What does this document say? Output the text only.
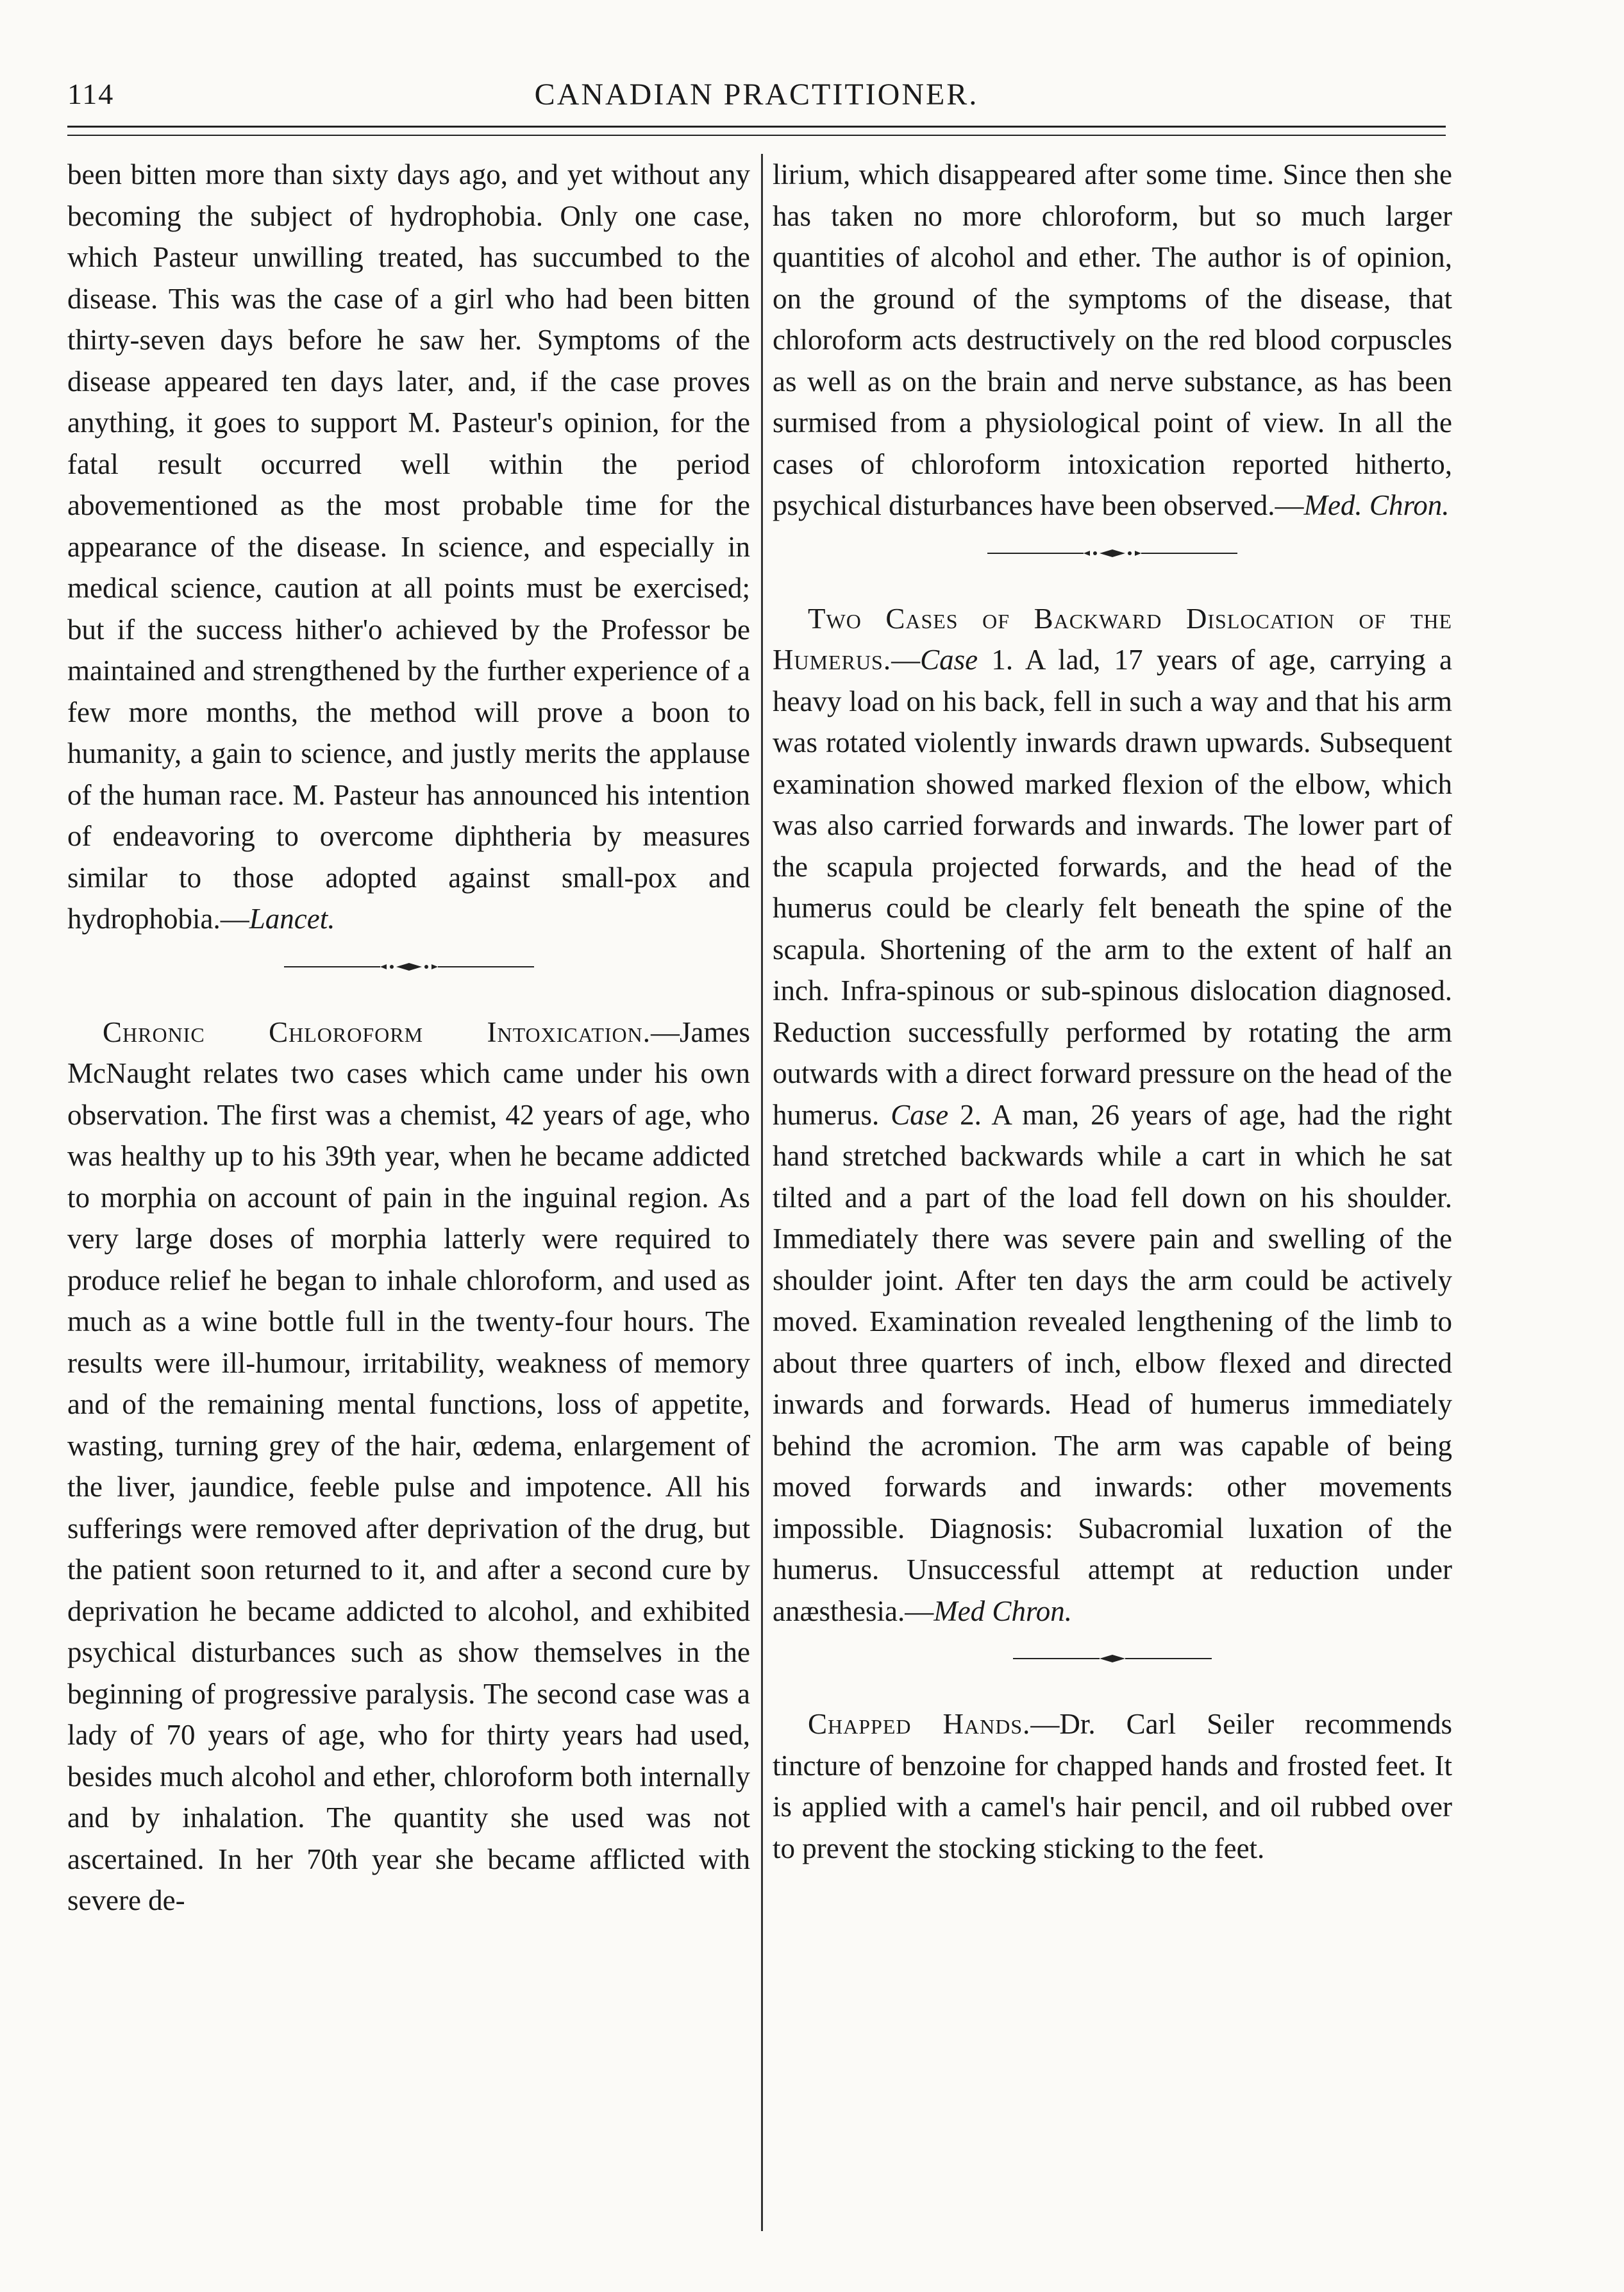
114	CANADIAN PRACTITIONER.

been bitten more than sixty days ago, and yet without any becoming the subject of hydrophobia. Only one case, which Pasteur unwilling treated, has succumbed to the disease. This was the case of a girl who had been bitten thirty-seven days before he saw her. Symptoms of the disease appeared ten days later, and, if the case proves anything, it goes to support M. Pasteur's opinion, for the fatal result occurred well within the period abovementioned as the most probable time for the appearance of the disease. In science, and especially in medical science, caution at all points must be exercised; but if the success hither'o achieved by the Professor be maintained and strengthened by the further experience of a few more months, the method will prove a boon to humanity, a gain to science, and justly merits the applause of the human race. M. Pasteur has announced his intention of endeavoring to overcome diphtheria by measures similar to those adopted against small-pox and hydrophobia.—Lancet.

Chronic Chloroform Intoxication.—James McNaught relates two cases which came under his own observation. The first was a chemist, 42 years of age, who was healthy up to his 39th year, when he became addicted to morphia on account of pain in the inguinal region. As very large doses of morphia latterly were required to produce relief he began to inhale chloroform, and used as much as a wine bottle full in the twenty-four hours. The results were ill-humour, irritability, weakness of memory and of the remaining mental functions, loss of appetite, wasting, turning grey of the hair, œdema, enlargement of the liver, jaundice, feeble pulse and impotence. All his sufferings were removed after deprivation of the drug, but the patient soon returned to it, and after a second cure by deprivation he became addicted to alcohol, and exhibited psychical disturbances such as show themselves in the beginning of progressive paralysis. The second case was a lady of 70 years of age, who for thirty years had used, besides much alcohol and ether, chloroform both internally and by inhalation. The quantity she used was not ascertained. In her 70th year she became afflicted with severe de-

lirium, which disappeared after some time. Since then she has taken no more chloroform, but so much larger quantities of alcohol and ether. The author is of opinion, on the ground of the symptoms of the disease, that chloroform acts destructively on the red blood corpuscles as well as on the brain and nerve substance, as has been surmised from a physiological point of view. In all the cases of chloroform intoxication reported hitherto, psychical disturbances have been observed.—Med. Chron.

Two Cases of Backward Dislocation of the Humerus.—Case 1. A lad, 17 years of age, carrying a heavy load on his back, fell in such a way and that his arm was rotated violently inwards drawn upwards. Subsequent examination showed marked flexion of the elbow, which was also carried forwards and inwards. The lower part of the scapula projected forwards, and the head of the humerus could be clearly felt beneath the spine of the scapula. Shortening of the arm to the extent of half an inch. Infra-spinous or sub-spinous dislocation diagnosed. Reduction successfully performed by rotating the arm outwards with a direct forward pressure on the head of the humerus. Case 2. A man, 26 years of age, had the right hand stretched backwards while a cart in which he sat tilted and a part of the load fell down on his shoulder. Immediately there was severe pain and swelling of the shoulder joint. After ten days the arm could be actively moved. Examination revealed lengthening of the limb to about three quarters of inch, elbow flexed and directed inwards and forwards. Head of humerus immediately behind the acromion. The arm was capable of being moved forwards and inwards: other movements impossible. Diagnosis: Subacromial luxation of the humerus. Unsuccessful attempt at reduction under anæsthesia.—Med Chron.

Chapped Hands.—Dr. Carl Seiler recommends tincture of benzoine for chapped hands and frosted feet. It is applied with a camel's hair pencil, and oil rubbed over to prevent the stocking sticking to the feet.
